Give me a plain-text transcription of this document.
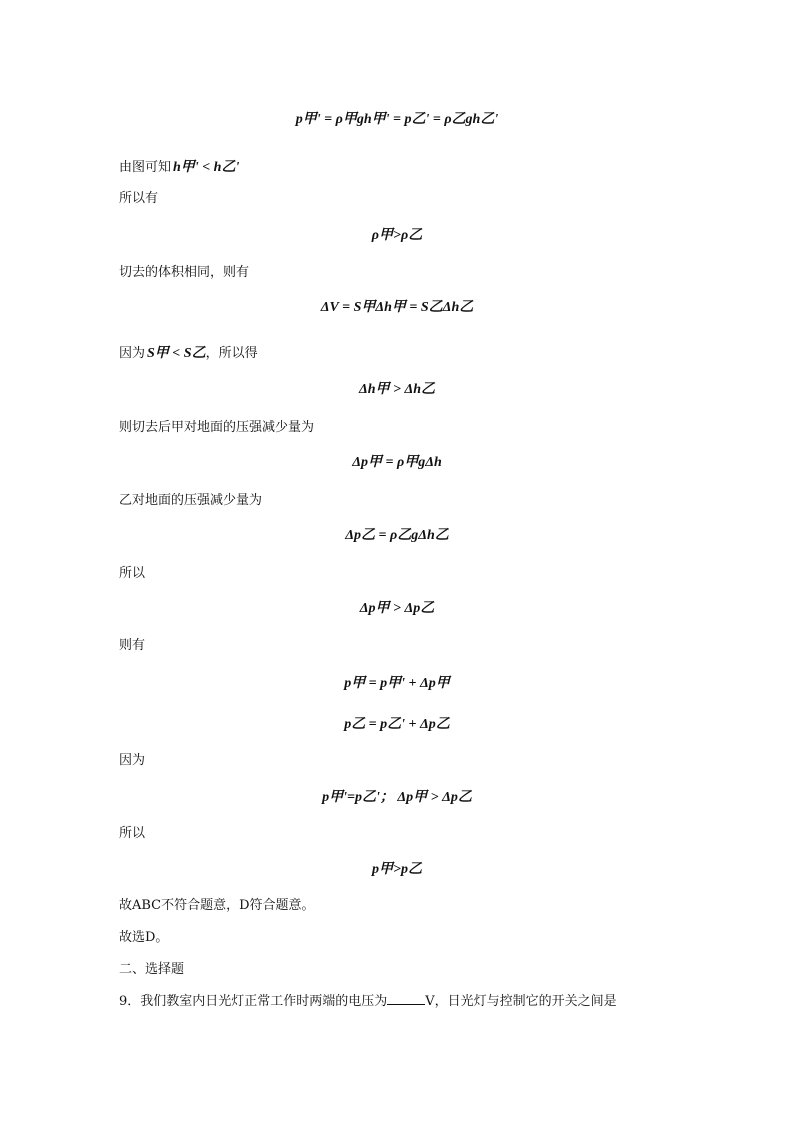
p甲' = ρ甲gh甲' = p乙' = ρ乙gh乙'
由图可知 h甲' < h乙'
所以有
ρ甲>ρ乙
切去的体积相同，则有
ΔV = S甲Δh甲 = S乙Δh乙
因为 S甲 < S乙，所以得
Δh甲 > Δh乙
则切去后甲对地面的压强减少量为
Δp甲 = ρ甲gΔh
乙对地面的压强减少量为
Δp乙 = ρ乙gΔh乙
所以
Δp甲 > Δp乙
则有
p甲 = p甲' + Δp甲
p乙 = p乙' + Δp乙
因为
p甲'=p乙'； Δp甲 > Δp乙
所以
p甲>p乙
故ABC不符合题意，D符合题意。
故选D。
二、选择题
9．我们教室内日光灯正常工作时两端的电压为	V，日光灯与控制它的开关之间是
